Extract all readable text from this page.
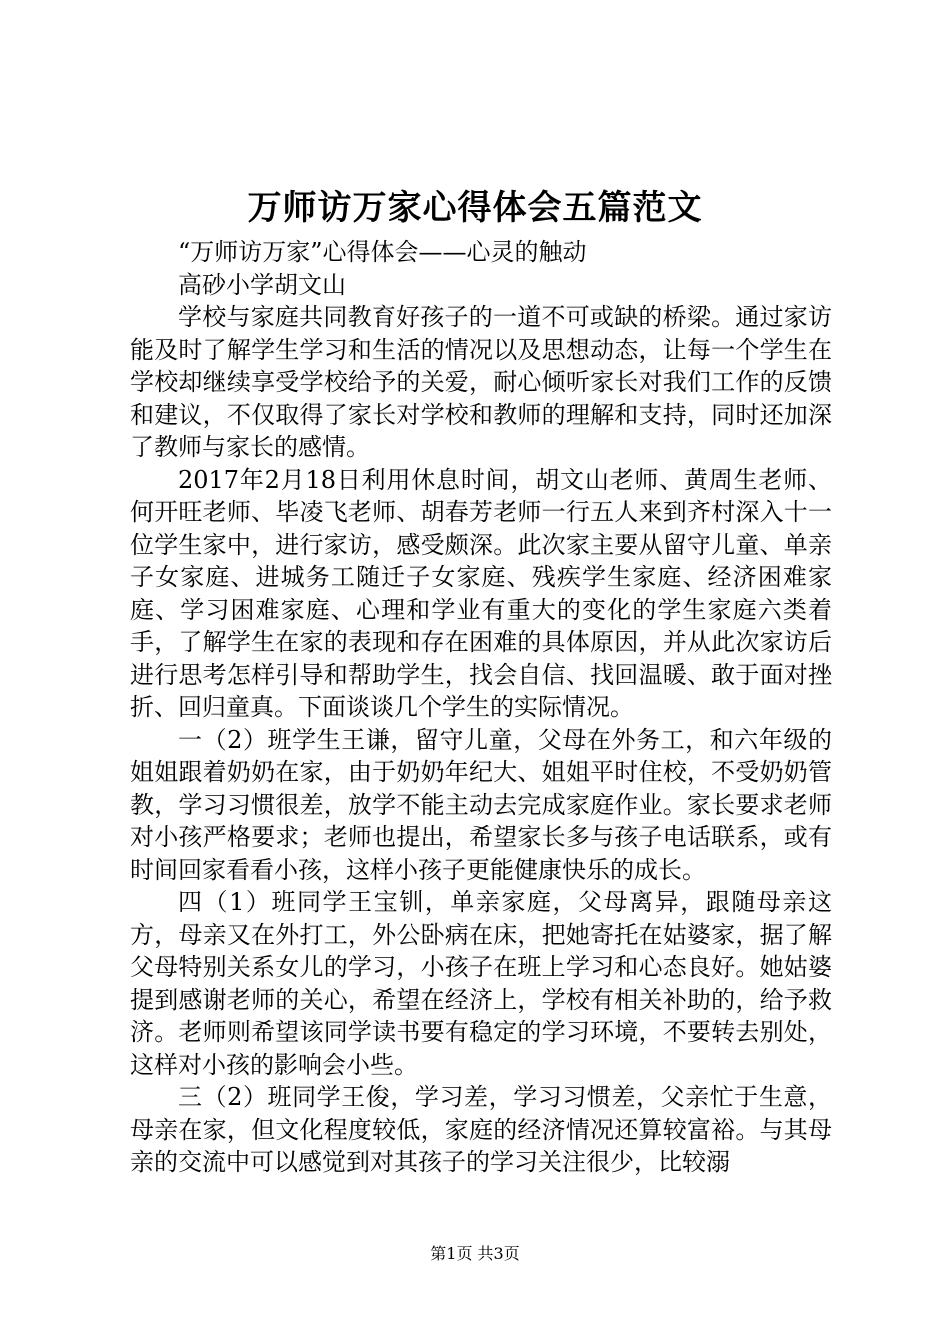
万师访万家心得体会五篇范文

“万师访万家”心得体会——心灵的触动

高砂小学胡文山

学校与家庭共同教育好孩子的一道不可或缺的桥梁。通过家访能及时了解学生学习和生活的情况以及思想动态，让每一个学生在学校却继续享受学校给予的关爱，耐心倾听家长对我们工作的反馈和建议，不仅取得了家长对学校和教师的理解和支持，同时还加深了教师与家长的感情。

2017年2月18日利用休息时间，胡文山老师、黄周生老师、何开旺老师、毕凌飞老师、胡春芳老师一行五人来到齐村深入十一位学生家中，进行家访，感受颇深。此次家主要从留守儿童、单亲子女家庭、进城务工随迁子女家庭、残疾学生家庭、经济困难家庭、学习困难家庭、心理和学业有重大的变化的学生家庭六类着手，了解学生在家的表现和存在困难的具体原因，并从此次家访后进行思考怎样引导和帮助学生，找会自信、找回温暖、敢于面对挫折、回归童真。下面谈谈几个学生的实际情况。

一（2）班学生王谦，留守儿童，父母在外务工，和六年级的姐姐跟着奶奶在家，由于奶奶年纪大、姐姐平时住校，不受奶奶管教，学习习惯很差，放学不能主动去完成家庭作业。家长要求老师对小孩严格要求；老师也提出，希望家长多与孩子电话联系，或有时间回家看看小孩，这样小孩子更能健康快乐的成长。

四（1）班同学王宝钏，单亲家庭，父母离异，跟随母亲这方，母亲又在外打工，外公卧病在床，把她寄托在姑婆家，据了解父母特别关系女儿的学习，小孩子在班上学习和心态良好。她姑婆提到感谢老师的关心，希望在经济上，学校有相关补助的，给予救济。老师则希望该同学读书要有稳定的学习环境，不要转去别处，这样对小孩的影响会小些。

三（2）班同学王俊，学习差，学习习惯差，父亲忙于生意，母亲在家，但文化程度较低，家庭的经济情况还算较富裕。与其母亲的交流中可以感觉到对其孩子的学习关注很少，比较溺

第1页 共3页
